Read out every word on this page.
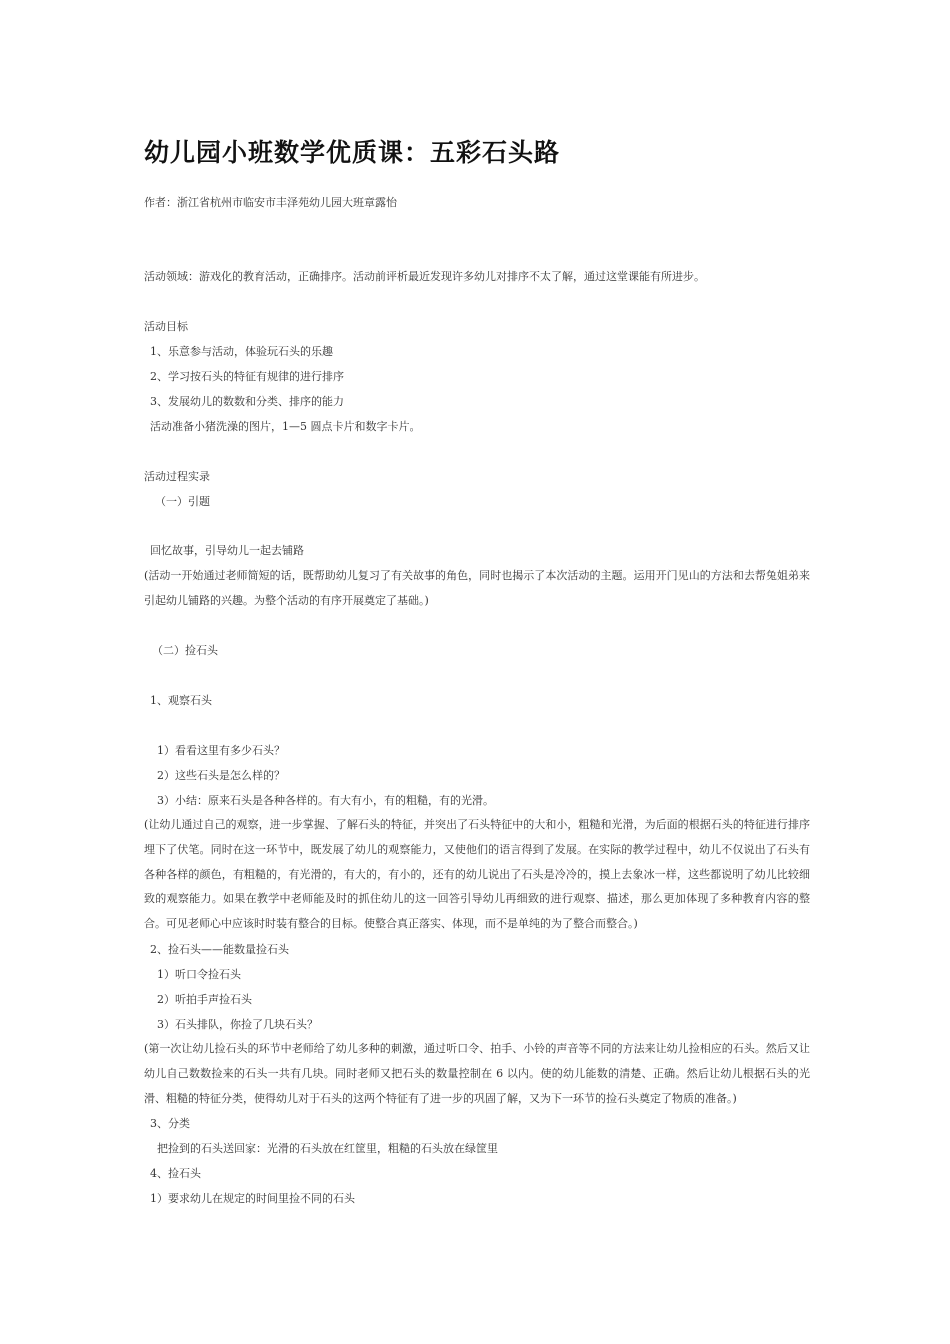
幼儿园小班数学优质课：五彩石头路
作者：浙江省杭州市临安市丰泽苑幼儿园大班章露怡
活动领域：游戏化的教育活动，正确排序。活动前评析最近发现许多幼儿对排序不太了解，通过这堂课能有所进步。
活动目标
1、乐意参与活动，体验玩石头的乐趣
2、学习按石头的特征有规律的进行排序
3、发展幼儿的数数和分类、排序的能力
活动准备小猪洗澡的图片，1—5 圆点卡片和数字卡片。
活动过程实录
（一）引题
回忆故事，引导幼儿一起去铺路
(活动一开始通过老师简短的话，既帮助幼儿复习了有关故事的角色，同时也揭示了本次活动的主题。运用开门见山的方法和去帮兔姐弟来引起幼儿铺路的兴趣。为整个活动的有序开展奠定了基础。)
（二）捡石头
1、观察石头
1）看看这里有多少石头？
2）这些石头是怎么样的？
3）小结：原来石头是各种各样的。有大有小，有的粗糙，有的光滑。
(让幼儿通过自己的观察，进一步掌握、了解石头的特征，并突出了石头特征中的大和小，粗糙和光滑，为后面的根据石头的特征进行排序埋下了伏笔。同时在这一环节中，既发展了幼儿的观察能力，又使他们的语言得到了发展。在实际的教学过程中，幼儿不仅说出了石头有各种各样的颜色，有粗糙的，有光滑的，有大的，有小的，还有的幼儿说出了石头是冷冷的，摸上去象冰一样，这些都说明了幼儿比较细致的观察能力。如果在教学中老师能及时的抓住幼儿的这一回答引导幼儿再细致的进行观察、描述，那么更加体现了多种教育内容的整合。可见老师心中应该时时装有整合的目标。使整合真正落实、体现，而不是单纯的为了整合而整合。)
2、捡石头——能数量捡石头
1）听口令捡石头
2）听拍手声捡石头
3）石头排队，你捡了几块石头？
(第一次让幼儿捡石头的环节中老师给了幼儿多种的刺激，通过听口令、拍手、小铃的声音等不同的方法来让幼儿捡相应的石头。然后又让幼儿自己数数捡来的石头一共有几块。同时老师又把石头的数量控制在 6 以内。使的幼儿能数的清楚、正确。然后让幼儿根据石头的光滑、粗糙的特征分类，使得幼儿对于石头的这两个特征有了进一步的巩固了解，又为下一环节的捡石头奠定了物质的准备。)
3、分类
把捡到的石头送回家：光滑的石头放在红筐里，粗糙的石头放在绿筐里
4、捡石头
1）要求幼儿在规定的时间里捡不同的石头
